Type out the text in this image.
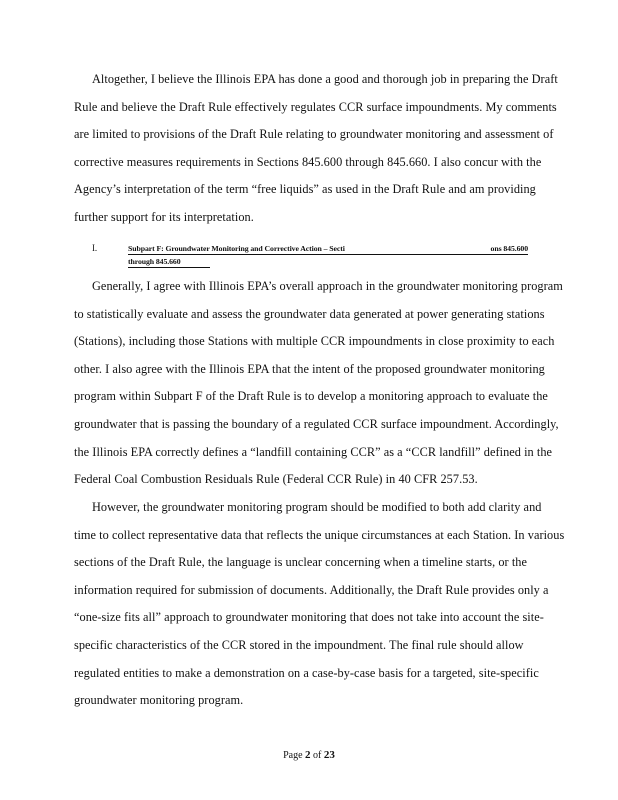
Altogether, I believe the Illinois EPA has done a good and thorough job in preparing the Draft
Rule and believe the Draft Rule effectively regulates CCR surface impoundments. My comments
are limited to provisions of the Draft Rule relating to groundwater monitoring and assessment of
corrective measures requirements in Sections 845.600 through 845.660. I also concur with the
Agency’s interpretation of the term “free liquids” as used in the Draft Rule and am providing
further support for its interpretation.
I.	Subpart F: Groundwater Monitoring and Corrective Action – Secti	ons 845.600
through 845.660
Generally, I agree with Illinois EPA’s overall approach in the groundwater monitoring program
to statistically evaluate and assess the groundwater data generated at power generating stations
(Stations), including those Stations with multiple CCR impoundments in close proximity to each
other. I also agree with the Illinois EPA that the intent of the proposed groundwater monitoring
program within Subpart F of the Draft Rule is to develop a monitoring approach to evaluate the
groundwater that is passing the boundary of a regulated CCR surface impoundment. Accordingly,
the Illinois EPA correctly defines a “landfill containing CCR” as a “CCR landfill” defined in the
Federal Coal Combustion Residuals Rule (Federal CCR Rule) in 40 CFR 257.53.
However, the groundwater monitoring program should be modified to both add clarity and
time to collect representative data that reflects the unique circumstances at each Station. In various
sections of the Draft Rule, the language is unclear concerning when a timeline starts, or the
information required for submission of documents. Additionally, the Draft Rule provides only a
“one-size fits all” approach to groundwater monitoring that does not take into account the site-
specific characteristics of the CCR stored in the impoundment. The final rule should allow
regulated entities to make a demonstration on a case-by-case basis for a targeted, site-specific
groundwater monitoring program.
Page 2 of 23
